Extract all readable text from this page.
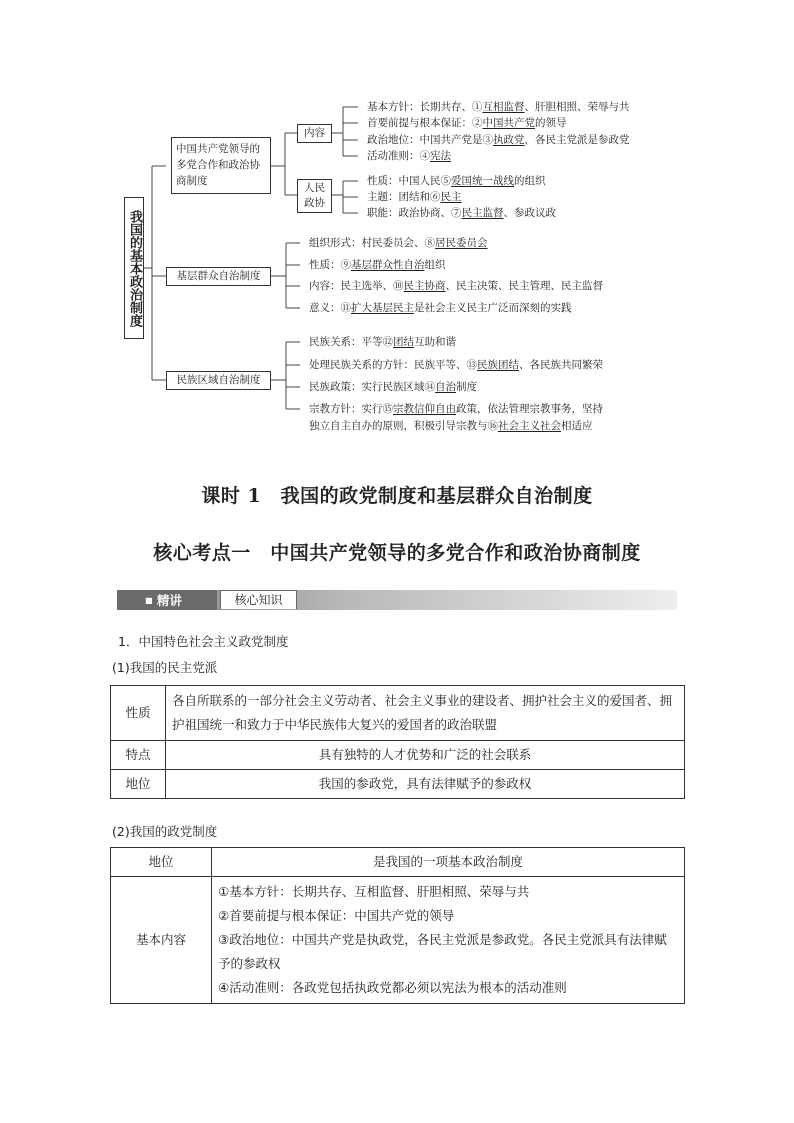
我国的基本政治制度
中国共产党领导的多党合作和政治协商制度
内容
人民政协
基本方针：长期共存、①互相监督、肝胆相照、荣辱与共
首要前提与根本保证：②中国共产党的领导
政治地位：中国共产党是③执政党，各民主党派是参政党
活动准则：④宪法
性质：中国人民⑤爱国统一战线的组织
主题：团结和⑥民主
职能：政治协商、⑦民主监督、参政议政
基层群众自治制度
组织形式：村民委员会、⑧居民委员会
性质：⑨基层群众性自治组织
内容：民主选举、⑩民主协商、民主决策、民主管理、民主监督
意义：⑪扩大基层民主是社会主义民主广泛而深刻的实践
民族区域自治制度
民族关系：平等⑫团结互助和谐
处理民族关系的方针：民族平等、⑬民族团结、各民族共同繁荣
民族政策：实行民族区域⑭自治制度
宗教方针：实行⑮宗教信仰自由政策，依法管理宗教事务，坚持
独立自主自办的原则，积极引导宗教与⑯社会主义社会相适应
课时 1　我国的政党制度和基层群众自治制度
核心考点一　中国共产党领导的多党合作和政治协商制度
■ 精讲	核心知识
1．中国特色社会主义政党制度
(1)我国的民主党派
性质	各自所联系的一部分社会主义劳动者、社会主义事业的建设者、拥护社会主义的爱国者、拥护祖国统一和致力于中华民族伟大复兴的爱国者的政治联盟
特点	具有独特的人才优势和广泛的社会联系
地位	我国的参政党，具有法律赋予的参政权
(2)我国的政党制度
地位	是我国的一项基本政治制度
基本内容	①基本方针：长期共存、互相监督、肝胆相照、荣辱与共
②首要前提与根本保证：中国共产党的领导
③政治地位：中国共产党是执政党，各民主党派是参政党。各民主党派具有法律赋予的参政权
④活动准则：各政党包括执政党都必须以宪法为根本的活动准则
